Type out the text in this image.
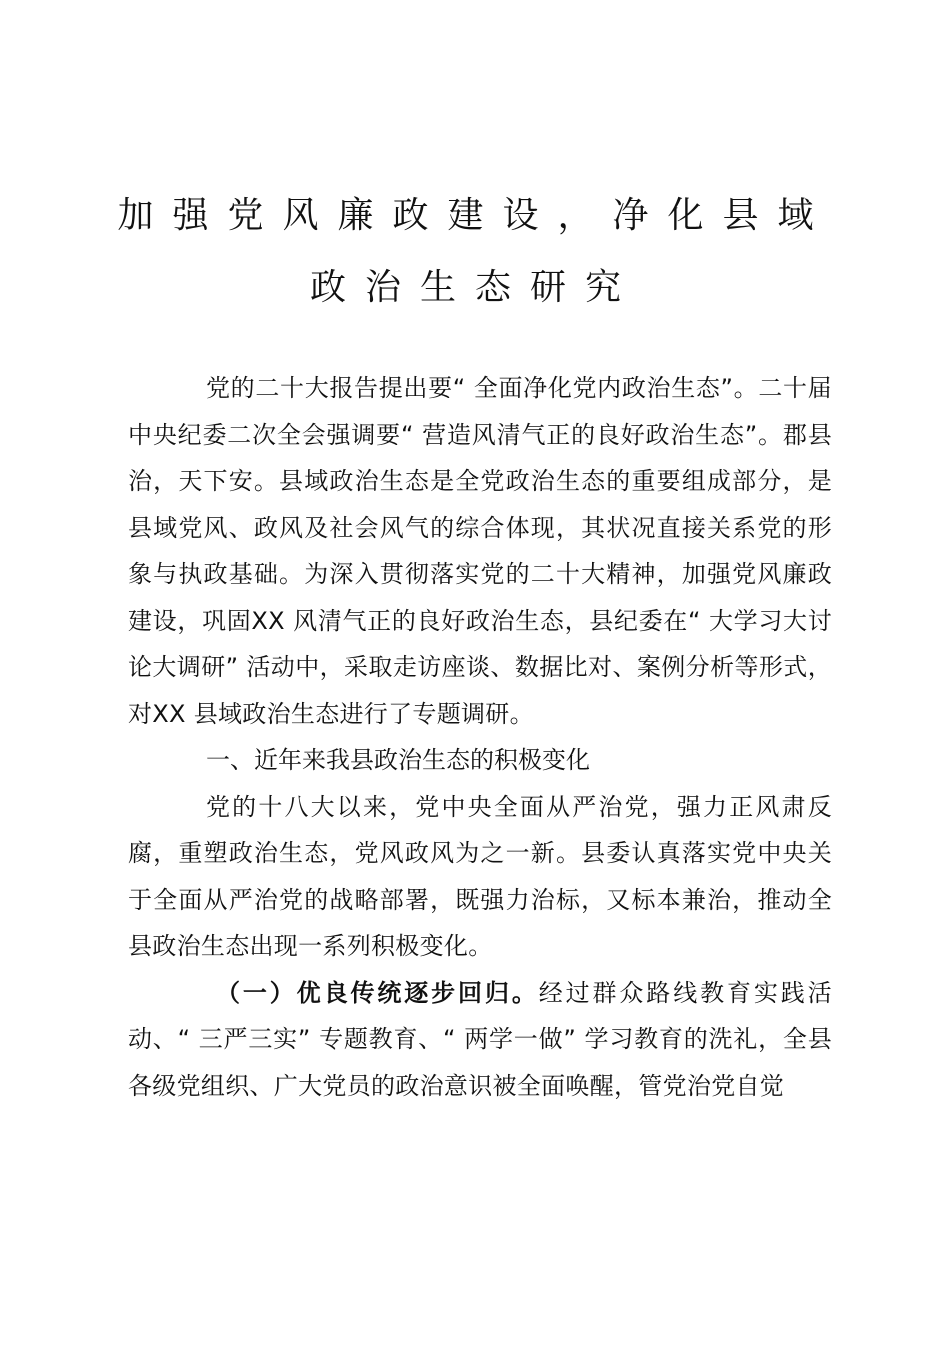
加强党风廉政建设，净化县域
政治生态研究

党的二十大报告提出要“ 全面净化党内政治生态”。二十届中央纪委二次全会强调要“ 营造风清气正的良好政治生态”。郡县治，天下安。县域政治生态是全党政治生态的重要组成部分，是县域党风、政风及社会风气的综合体现，其状况直接关系党的形象与执政基础。为深入贯彻落实党的二十大精神，加强党风廉政建设，巩固XX 风清气正的良好政治生态，县纪委在“ 大学习大讨论大调研” 活动中，采取走访座谈、数据比对、案例分析等形式，对XX 县域政治生态进行了专题调研。

一、近年来我县政治生态的积极变化

党的十八大以来，党中央全面从严治党，强力正风肃反腐，重塑政治生态，党风政风为之一新。县委认真落实党中央关于全面从严治党的战略部署，既强力治标，又标本兼治，推动全县政治生态出现一系列积极变化。

（一）优良传统逐步回归。经过群众路线教育实践活动、“ 三严三实” 专题教育、“ 两学一做” 学习教育的洗礼，全县各级党组织、广大党员的政治意识被全面唤醒，管党治党自觉
